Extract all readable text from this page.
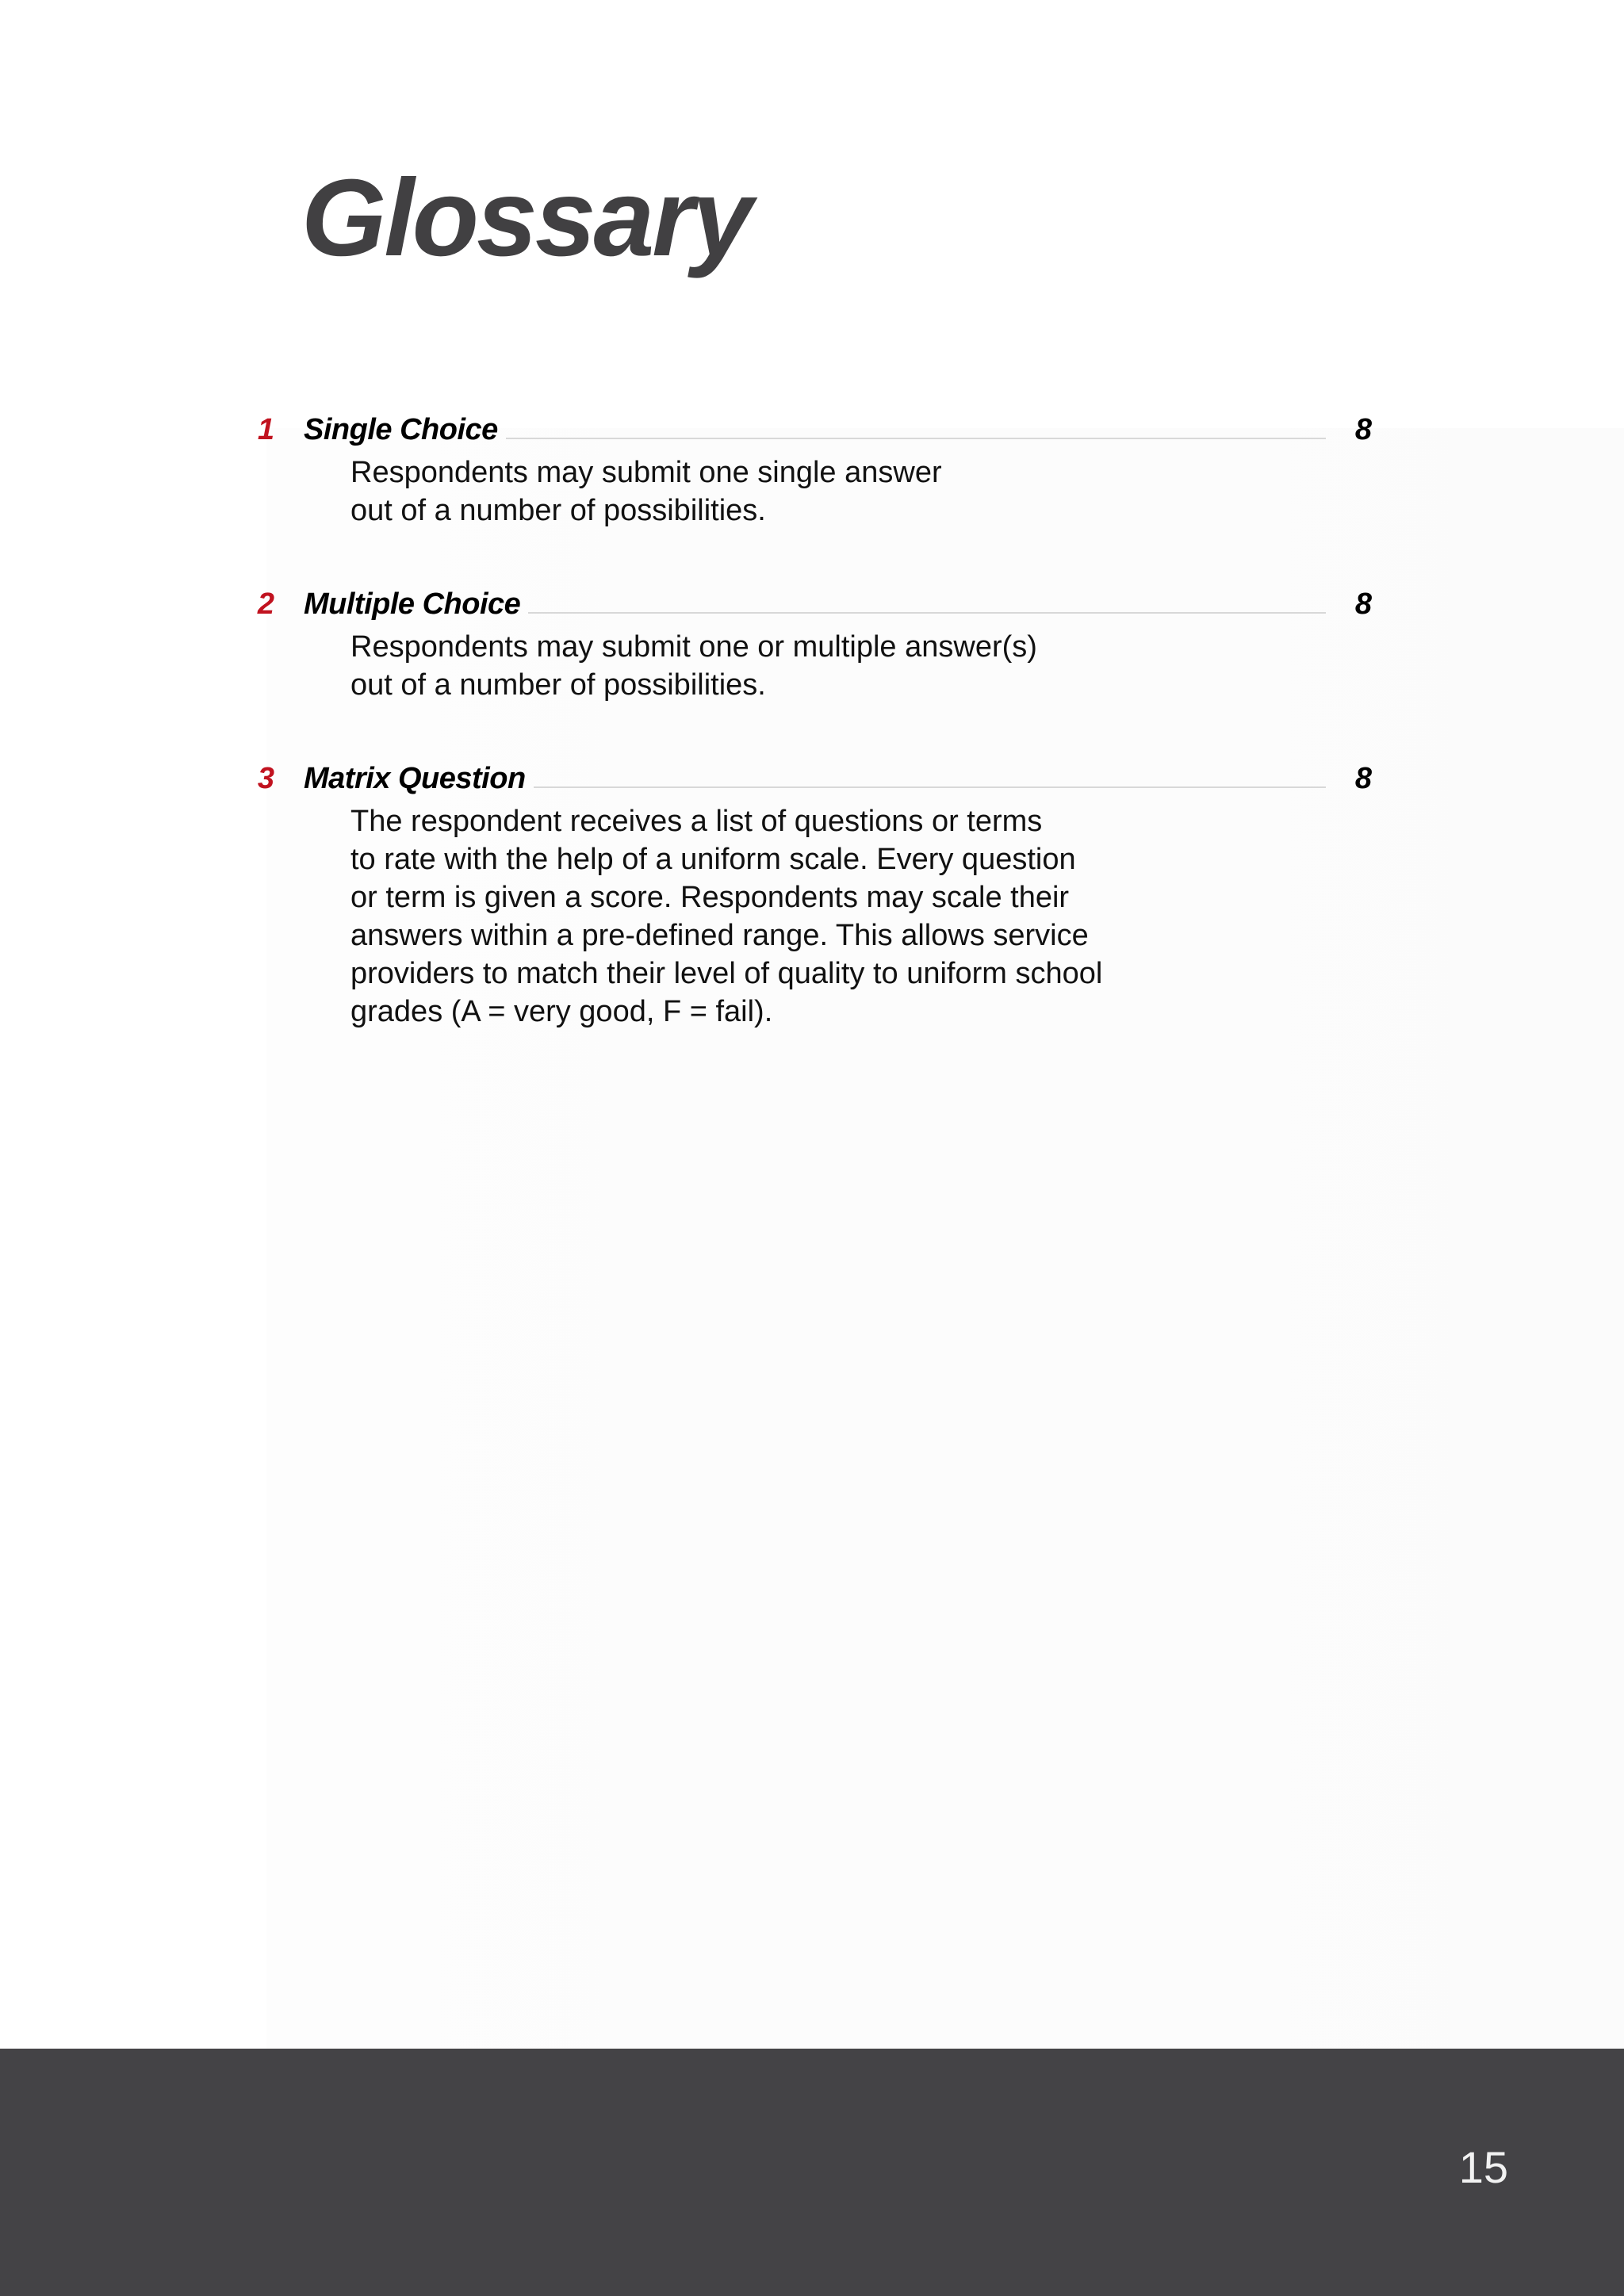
Glossary
1 Single Choice	8
Respondents may submit one single answer
out of a number of possibilities.
2 Multiple Choice	8
Respondents may submit one or multiple answer(s)
out of a number of possibilities.
3 Matrix Question	8
The respondent receives a list of questions or terms
to rate with the help of a uniform scale. Every question
or term is given a score. Respondents may scale their
answers within a pre-defined range. This allows service
providers to match their level of quality to uniform school
grades (A = very good, F = fail).
15
